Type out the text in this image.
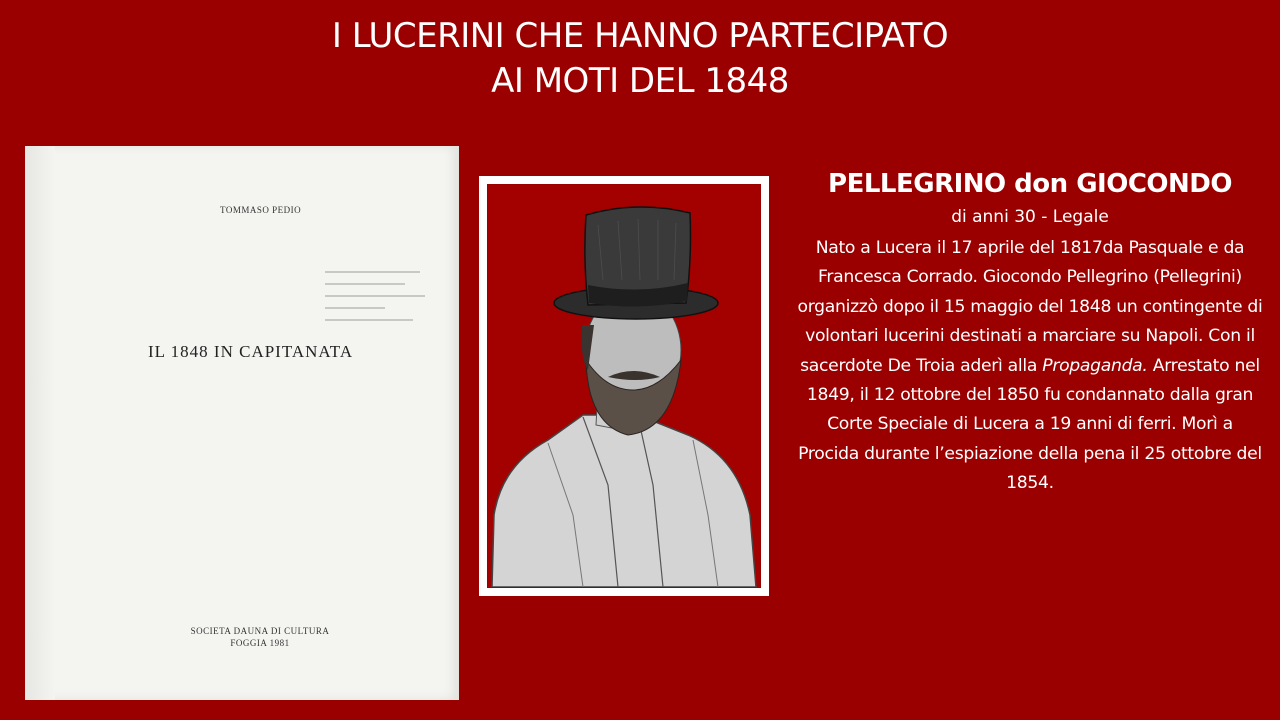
I LUCERINI CHE HANNO PARTECIPATO
AI MOTI DEL 1848
TOMMASO PEDIO
IL 1848 IN CAPITANATA
SOCIETA DAUNA DI CULTURA
FOGGIA 1981

PELLEGRINO don GIOCONDO

di anni 30 - Legale

Nato a Lucera il 17 aprile del 1817da Pasquale e da Francesca Corrado. Giocondo Pellegrino (Pellegrini) organizzò dopo il 15 maggio del 1848 un contingente di volontari lucerini destinati a marciare su Napoli. Con il sacerdote De Troia aderì alla Propaganda. Arrestato nel 1849, il 12 ottobre del 1850 fu condannato dalla gran Corte Speciale di Lucera a 19 anni di ferri. Morì a Procida durante l’espiazione della pena il 25 ottobre del 1854.
